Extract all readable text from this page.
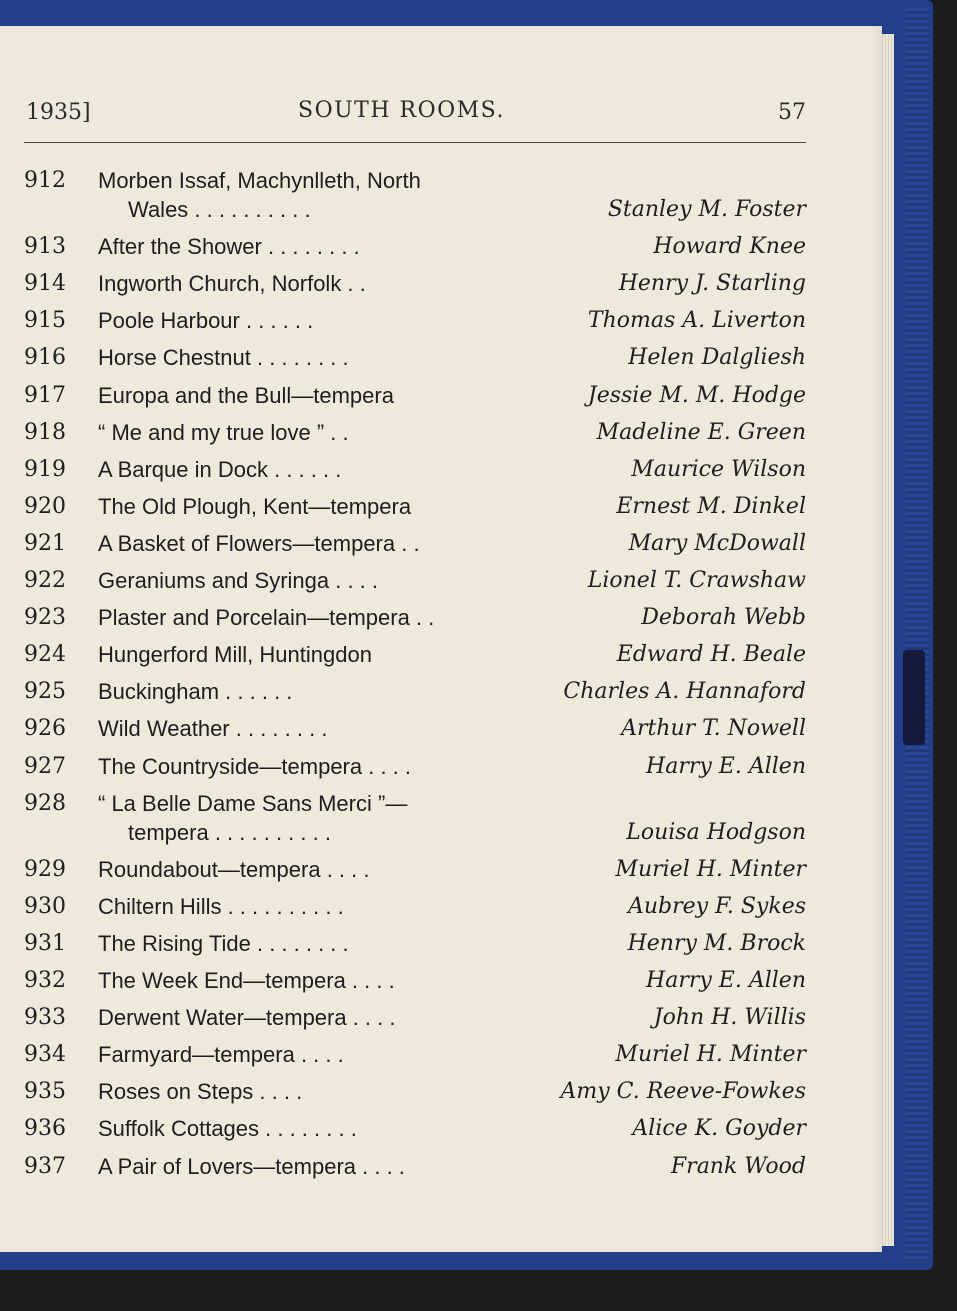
1935]	SOUTH ROOMS.	57
912 Morben Issaf, Machynlleth, North
Wales . . . . . . . . . .	Stanley M. Foster
913 After the Shower . . . . . . . .	Howard Knee
914 Ingworth Church, Norfolk . .	Henry J. Starling
915 Poole Harbour . . . . . .	Thomas A. Liverton
916 Horse Chestnut . . . . . . . .	Helen Dalgliesh
917 Europa and the Bull—tempera	Jessie M. M. Hodge
918 “ Me and my true love ” . .	Madeline E. Green
919 A Barque in Dock . . . . . .	Maurice Wilson
920 The Old Plough, Kent—tempera	Ernest M. Dinkel
921 A Basket of Flowers—tempera . .	Mary McDowall
922 Geraniums and Syringa . . . .	Lionel T. Crawshaw
923 Plaster and Porcelain—tempera . .	Deborah Webb
924 Hungerford Mill, Huntingdon	Edward H. Beale
925 Buckingham . . . . . .	Charles A. Hannaford
926 Wild Weather . . . . . . . .	Arthur T. Nowell
927 The Countryside—tempera . . . .	Harry E. Allen
928 “ La Belle Dame Sans Merci ”—
tempera . . . . . . . . . .	Louisa Hodgson
929 Roundabout—tempera . . . .	Muriel H. Minter
930 Chiltern Hills . . . . . . . . . .	Aubrey F. Sykes
931 The Rising Tide . . . . . . . .	Henry M. Brock
932 The Week End—tempera . . . .	Harry E. Allen
933 Derwent Water—tempera . . . .	John H. Willis
934 Farmyard—tempera . . . .	Muriel H. Minter
935 Roses on Steps . . . .	Amy C. Reeve-Fowkes
936 Suffolk Cottages . . . . . . . .	Alice K. Goyder
937 A Pair of Lovers—tempera . . . .	Frank Wood
